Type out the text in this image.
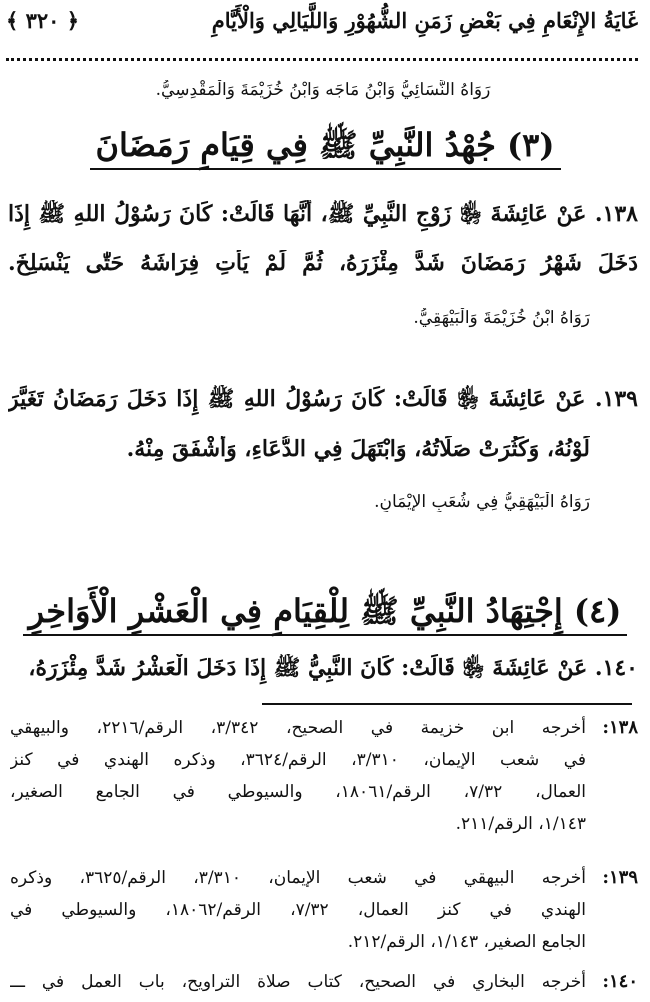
غَايَةُ الإِنْعَامِ فِي بَعْضِ زَمَنِ الشُّهُوْرِ وَاللَّيَالِي وَالْأَيَّامِ
﴿ ٣٢٠ ﴾
رَوَاهُ النَّسَائِيُّ وَابْنُ مَاجَه وَابْنُ خُزَيْمَةَ وَالْمَقْدِسِيُّ.
(٣) جُهْدُ النَّبِيِّ ﷺ فِي قِيَامِ رَمَضَانَ
١٣٨. عَنْ عَائِشَةَ ﵂ زَوْجِ النَّبِيِّ ﷺ، أَنَّهَا قَالَتْ: كَانَ رَسُوْلُ اللهِ ﷺ إِذَا
دَخَلَ شَهْرُ رَمَضَانَ شَدَّ مِئْزَرَهُ، ثُمَّ لَمْ يَأْتِ فِرَاشَهُ حَتّٰى يَنْسَلِخَ.
رَوَاهُ ابْنُ خُزَيْمَةَ وَالْبَيْهَقِيُّ.
١٣٩. عَنْ عَائِشَةَ ﵂ قَالَتْ: كَانَ رَسُوْلُ اللهِ ﷺ إِذَا دَخَلَ رَمَضَانُ تَغَيَّرَ
لَوْنُهُ، وَكَثُرَتْ صَلَاتُهُ، وَابْتَهَلَ فِي الدُّعَاءِ، وَأَشْفَقَ مِنْهُ.
رَوَاهُ الْبَيْهَقِيُّ فِي شُعَبِ الإِيْمَانِ.
(٤) إِجْتِهَادُ النَّبِيِّ ﷺ لِلْقِيَامِ فِي الْعَشْرِ الْأَوَاخِرِ
١٤٠. عَنْ عَائِشَةَ ﵂ قَالَتْ: كَانَ النَّبِيُّ ﷺ إِذَا دَخَلَ الْعَشْرُ شَدَّ مِئْزَرَهُ،
١٣٨:
أخرجه ابن خزيمة في الصحيح، ٣/٣٤٢، الرقم/٢٢١٦، والبيهقي
في شعب الإيمان، ٣/٣١٠، الرقم/٣٦٢٤، وذكره الهندي في كنز
العمال، ٧/٣٢، الرقم/١٨٠٦١، والسيوطي في الجامع الصغير،
١/١٤٣، الرقم/٢١١.
١٣٩:
أخرجه البيهقي في شعب الإيمان، ٣/٣١٠، الرقم/٣٦٢٥، وذكره
الهندي في كنز العمال، ٧/٣٢، الرقم/١٨٠٦٢، والسيوطي في
الجامع الصغير، ١/١٤٣، الرقم/٢١٢.
١٤٠:
أخرجه البخاري في الصحيح، كتاب صلاة التراويح، باب العمل في ـــ
